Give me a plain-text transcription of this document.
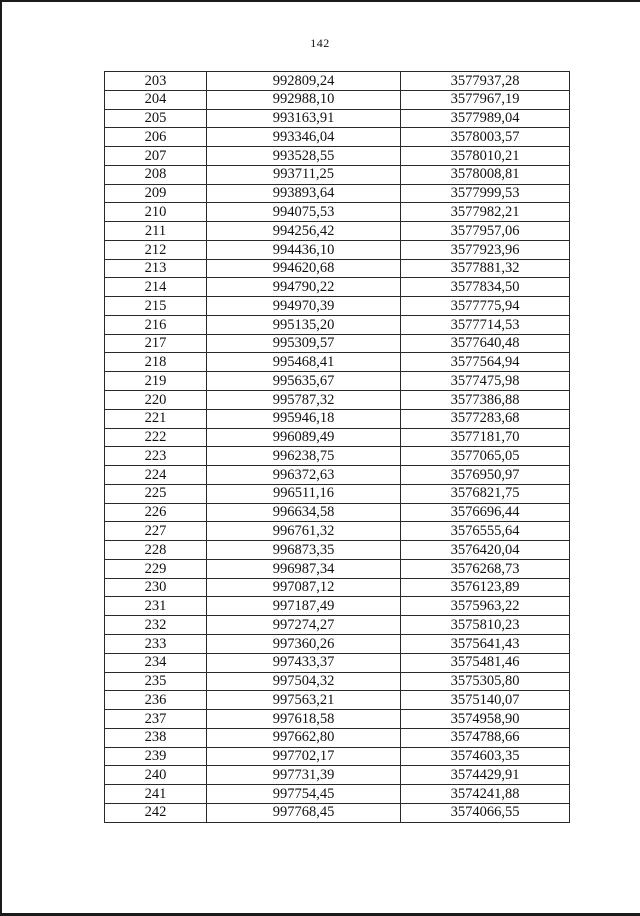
142
203	992809,24	3577937,28
204	992988,10	3577967,19
205	993163,91	3577989,04
206	993346,04	3578003,57
207	993528,55	3578010,21
208	993711,25	3578008,81
209	993893,64	3577999,53
210	994075,53	3577982,21
211	994256,42	3577957,06
212	994436,10	3577923,96
213	994620,68	3577881,32
214	994790,22	3577834,50
215	994970,39	3577775,94
216	995135,20	3577714,53
217	995309,57	3577640,48
218	995468,41	3577564,94
219	995635,67	3577475,98
220	995787,32	3577386,88
221	995946,18	3577283,68
222	996089,49	3577181,70
223	996238,75	3577065,05
224	996372,63	3576950,97
225	996511,16	3576821,75
226	996634,58	3576696,44
227	996761,32	3576555,64
228	996873,35	3576420,04
229	996987,34	3576268,73
230	997087,12	3576123,89
231	997187,49	3575963,22
232	997274,27	3575810,23
233	997360,26	3575641,43
234	997433,37	3575481,46
235	997504,32	3575305,80
236	997563,21	3575140,07
237	997618,58	3574958,90
238	997662,80	3574788,66
239	997702,17	3574603,35
240	997731,39	3574429,91
241	997754,45	3574241,88
242	997768,45	3574066,55
